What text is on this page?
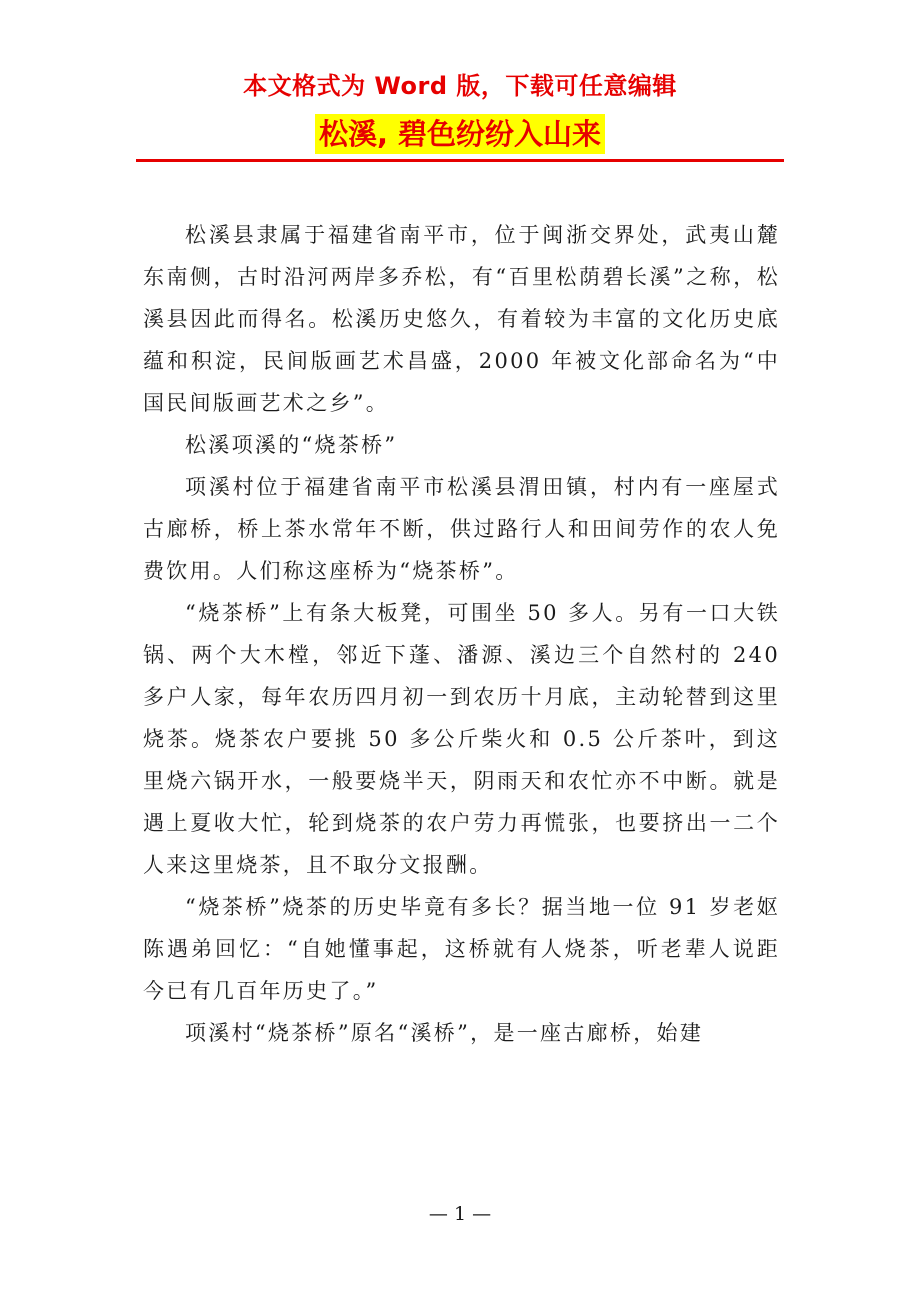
本文格式为 Word 版，下载可任意编辑
松溪, 碧色纷纷入山来

松溪县隶属于福建省南平市，位于闽浙交界处，武夷山麓东南侧，古时沿河两岸多乔松，有“百里松荫碧长溪”之称，松溪县因此而得名。松溪历史悠久，有着较为丰富的文化历史底蕴和积淀，民间版画艺术昌盛，2000 年被文化部命名为“中国民间版画艺术之乡”。

松溪项溪的“烧茶桥”

项溪村位于福建省南平市松溪县渭田镇，村内有一座屋式古廊桥，桥上茶水常年不断，供过路行人和田间劳作的农人免费饮用。人们称这座桥为“烧茶桥”。

“烧茶桥”上有条大板凳，可围坐 50 多人。另有一口大铁锅、两个大木樘，邻近下蓬、潘源、溪边三个自然村的 240 多户人家，每年农历四月初一到农历十月底，主动轮替到这里烧茶。烧茶农户要挑 50 多公斤柴火和 0.5 公斤茶叶，到这里烧六锅开水，一般要烧半天，阴雨天和农忙亦不中断。就是遇上夏收大忙，轮到烧茶的农户劳力再慌张，也要挤出一二个人来这里烧茶，且不取分文报酬。

“烧茶桥”烧茶的历史毕竟有多长？据当地一位 91 岁老妪陈遇弟回忆：“自她懂事起，这桥就有人烧茶，听老辈人说距今已有几百年历史了。”

项溪村“烧茶桥”原名“溪桥”，是一座古廊桥，始建

— 1 —
